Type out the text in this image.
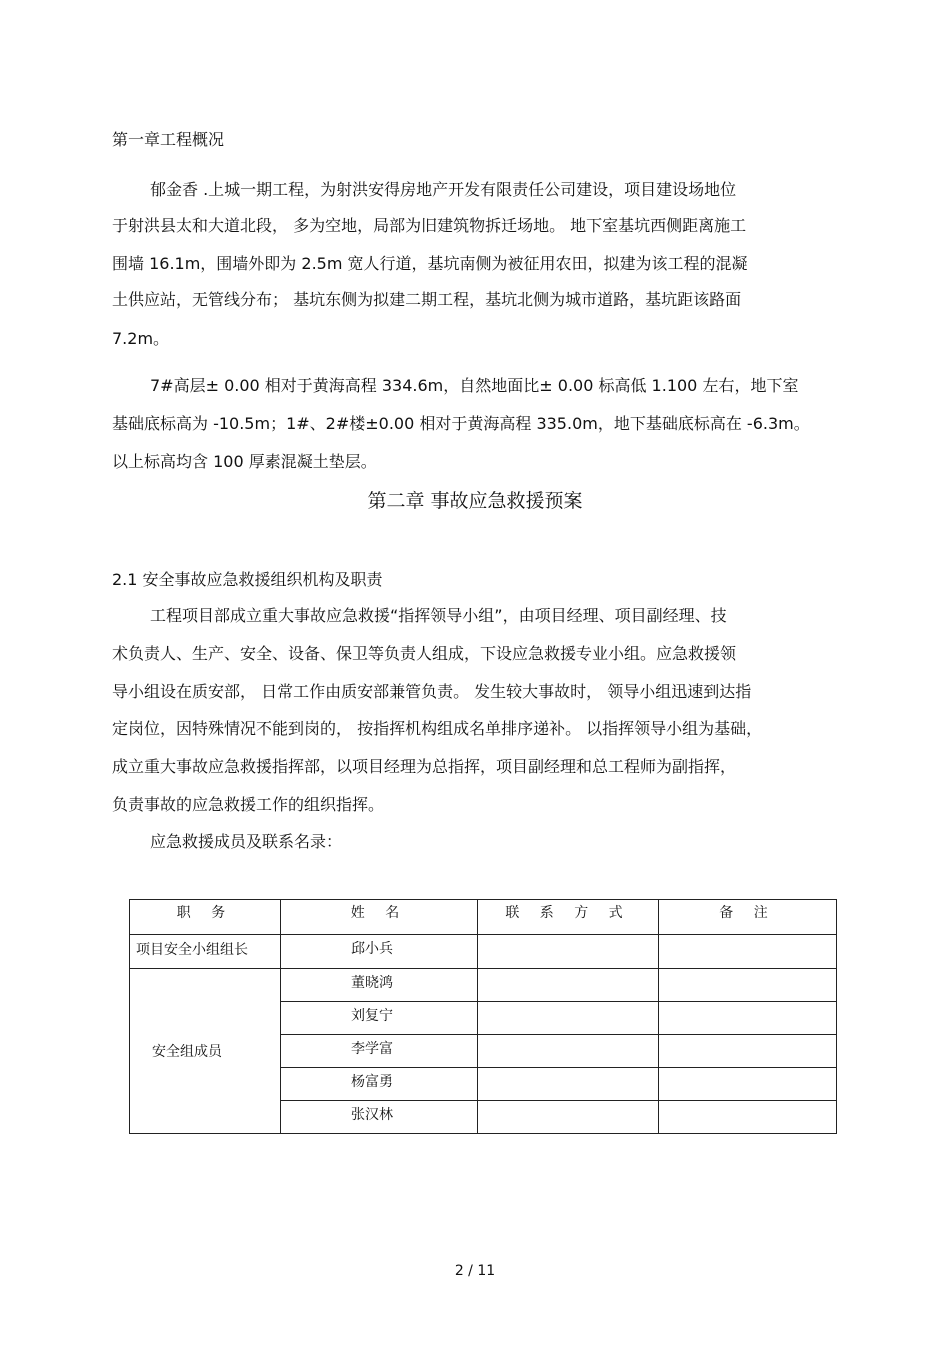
第一章工程概况
郁金香 .上城一期工程，为射洪安得房地产开发有限责任公司建设，项目建设场地位
于射洪县太和大道北段， 多为空地，局部为旧建筑物拆迁场地。 地下室基坑西侧距离施工
围墙 16.1m，围墙外即为 2.5m 宽人行道，基坑南侧为被征用农田，拟建为该工程的混凝
土供应站，无管线分布； 基坑东侧为拟建二期工程，基坑北侧为城市道路，基坑距该路面
7.2m。
7#高层± 0.00 相对于黄海高程 334.6m，自然地面比± 0.00 标高低 1.100 左右，地下室
基础底标高为 -10.5m；1#、2#楼±0.00 相对于黄海高程 335.0m，地下基础底标高在 -6.3m。
以上标高均含 100 厚素混凝土垫层。
第二章 事故应急救援预案
2.1 安全事故应急救援组织机构及职责
工程项目部成立重大事故应急救援“指挥领导小组”，由项目经理、项目副经理、技
术负责人、生产、安全、设备、保卫等负责人组成，下设应急救援专业小组。应急救援领
导小组设在质安部， 日常工作由质安部兼管负责。 发生较大事故时， 领导小组迅速到达指
定岗位，因特殊情况不能到岗的， 按指挥机构组成名单排序递补。 以指挥领导小组为基础，
成立重大事故应急救援指挥部，以项目经理为总指挥，项目副经理和总工程师为副指挥，
负责事故的应急救援工作的组织指挥。
应急救援成员及联系名录：
职 务	姓 名	联 系 方 式	备 注

项目安全小组组长	邱小兵		

安全组成员	董晓鸿		

	刘复宁		

	李学富		

	杨富勇		

	张汉林		

2 / 11
